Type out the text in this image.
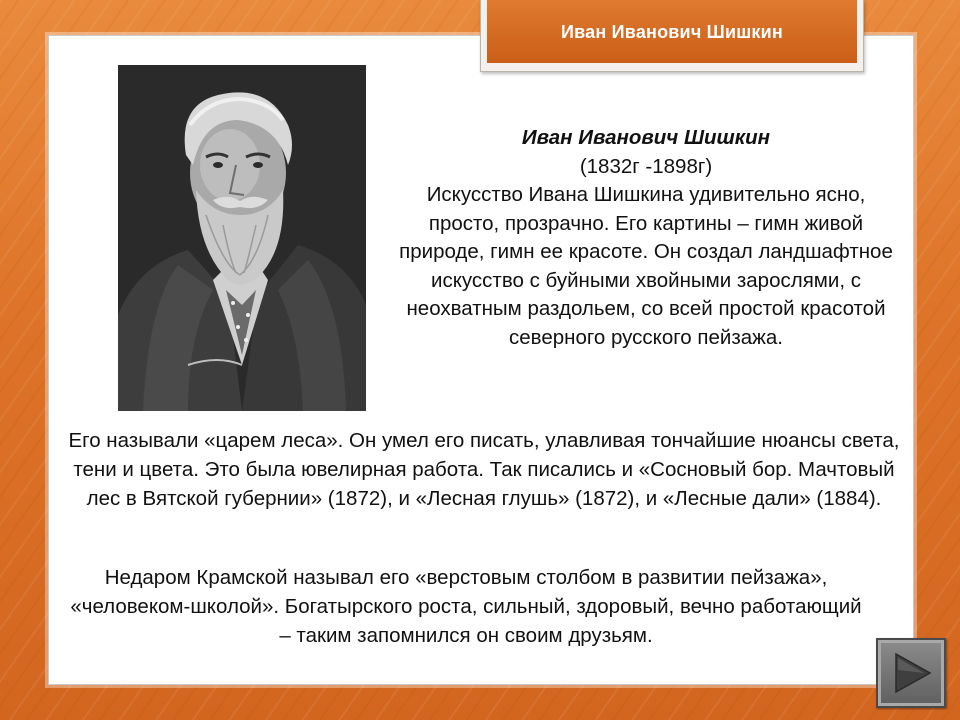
Иван Иванович Шишкин
Иван Иванович Шишкин
(1832г -1898г)
Искусство Ивана Шишкина удивительно ясно, просто, прозрачно. Его картины – гимн живой природе, гимн ее красоте. Он создал ландшафтное искусство с буйными хвойными зарослями, с неохватным раздольем, со всей простой красотой северного русского пейзажа.
Его называли «царем леса». Он умел его писать, улавливая тончайшие нюансы света, тени и цвета. Это была ювелирная работа. Так писались и «Сосновый бор. Мачтовый лес в Вятской губернии» (1872), и «Лесная глушь» (1872), и «Лесные дали» (1884).
Недаром Крамской называл его «верстовым столбом в развитии пейзажа», «человеком-школой». Богатырского роста, сильный, здоровый, вечно работающий – таким запомнился он своим друзьям.
